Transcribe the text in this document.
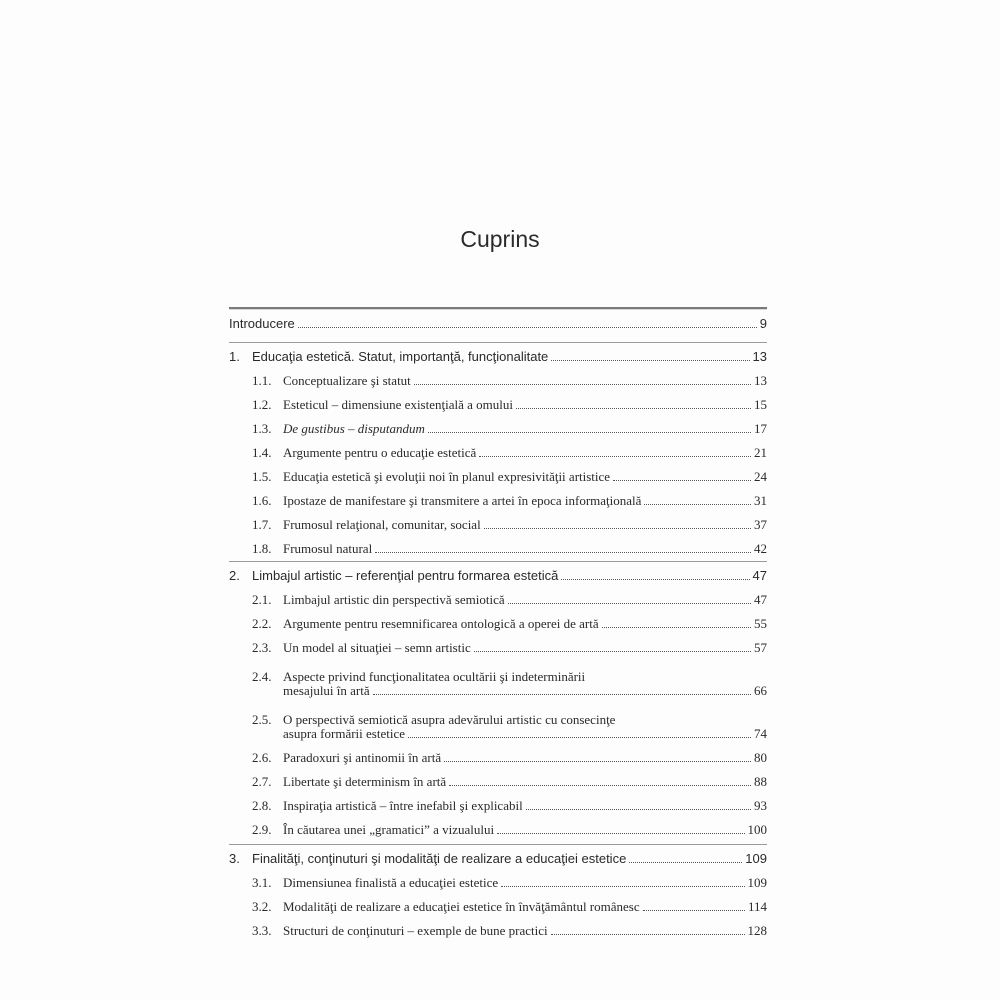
Cuprins
Introducere	9
1. Educaţia estetică. Statut, importanţă, funcţionalitate	13
1.1. Conceptualizare şi statut	13
1.2. Esteticul – dimensiune existenţială a omului	15
1.3. De gustibus – disputandum	17
1.4. Argumente pentru o educaţie estetică	21
1.5. Educaţia estetică şi evoluţii noi în planul expresivităţii artistice	24
1.6. Ipostaze de manifestare şi transmitere a artei în epoca informaţională	31
1.7. Frumosul relaţional, comunitar, social	37
1.8. Frumosul natural	42
2. Limbajul artistic – referenţial pentru formarea estetică	47
2.1. Limbajul artistic din perspectivă semiotică	47
2.2. Argumente pentru resemnificarea ontologică a operei de artă	55
2.3. Un model al situaţiei – semn artistic	57
2.4. Aspecte privind funcţionalitatea ocultării şi indeterminării
mesajului în artă	66
2.5. O perspectivă semiotică asupra adevărului artistic cu consecinţe
asupra formării estetice	74
2.6. Paradoxuri şi antinomii în artă	80
2.7. Libertate şi determinism în artă	88
2.8. Inspiraţia artistică – între inefabil şi explicabil	93
2.9. În căutarea unei „gramatici” a vizualului	100
3. Finalităţi, conţinuturi şi modalităţi de realizare a educaţiei estetice	109
3.1. Dimensiunea finalistă a educaţiei estetice	109
3.2. Modalităţi de realizare a educaţiei estetice în învăţământul românesc	114
3.3. Structuri de conţinuturi – exemple de bune practici	128
